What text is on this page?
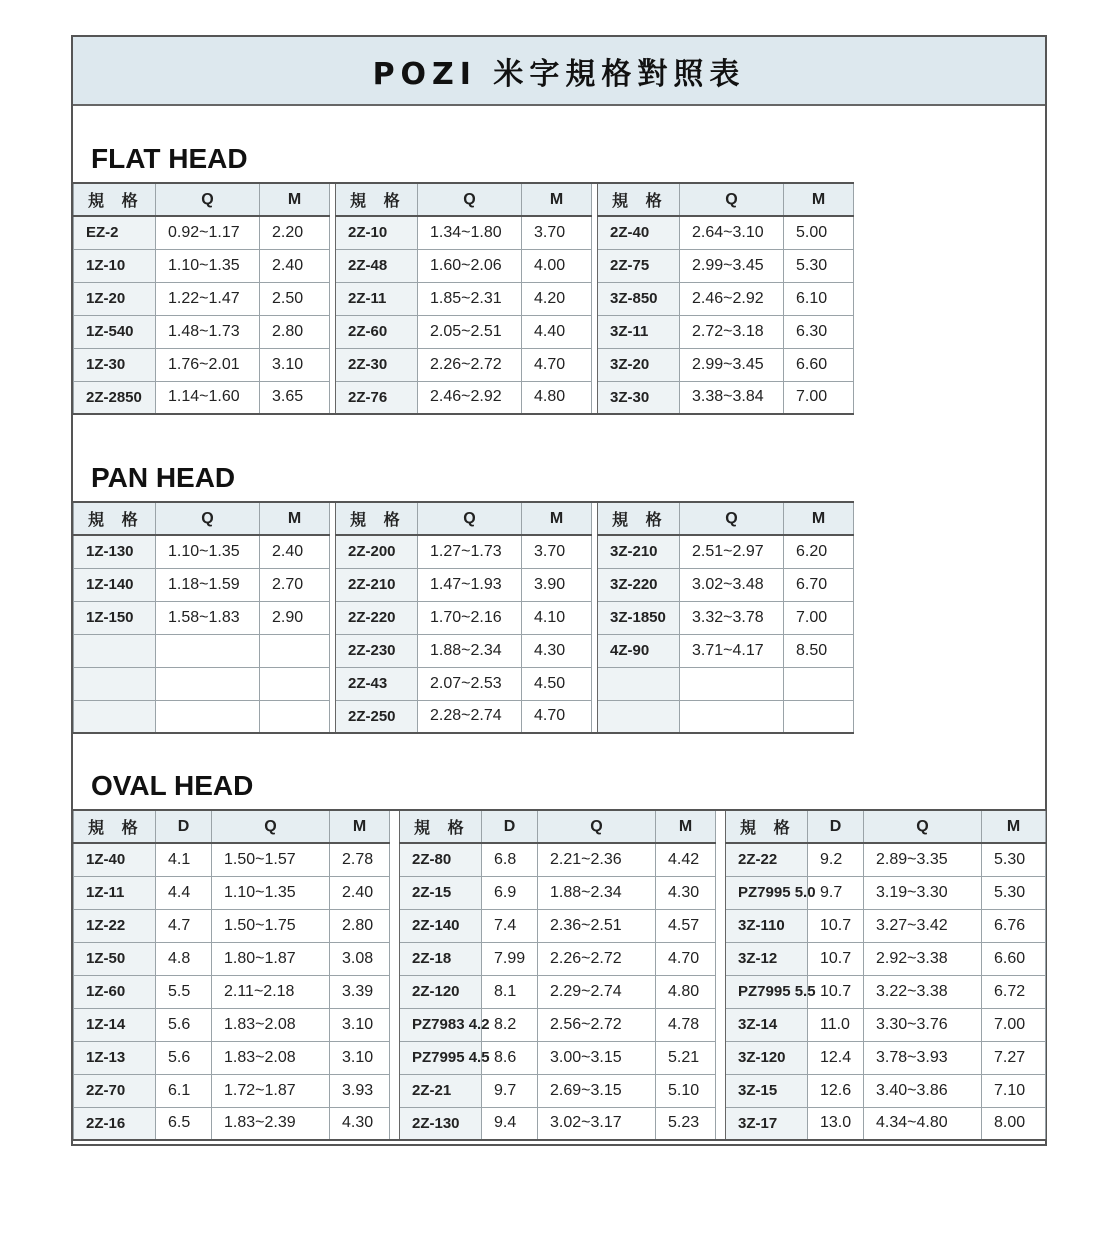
POZI 米字規格對照表
FLAT HEAD
規 格	Q	M		規 格	Q	M		規 格	Q	M
EZ-2	0.92~1.17	2.20		2Z-10	1.34~1.80	3.70		2Z-40	2.64~3.10	5.00
1Z-10	1.10~1.35	2.40		2Z-48	1.60~2.06	4.00		2Z-75	2.99~3.45	5.30
1Z-20	1.22~1.47	2.50		2Z-11	1.85~2.31	4.20		3Z-850	2.46~2.92	6.10
1Z-540	1.48~1.73	2.80		2Z-60	2.05~2.51	4.40		3Z-11	2.72~3.18	6.30
1Z-30	1.76~2.01	3.10		2Z-30	2.26~2.72	4.70		3Z-20	2.99~3.45	6.60
2Z-2850	1.14~1.60	3.65		2Z-76	2.46~2.92	4.80		3Z-30	3.38~3.84	7.00
PAN HEAD
規 格	Q	M		規 格	Q	M		規 格	Q	M
1Z-130	1.10~1.35	2.40		2Z-200	1.27~1.73	3.70		3Z-210	2.51~2.97	6.20
1Z-140	1.18~1.59	2.70		2Z-210	1.47~1.93	3.90		3Z-220	3.02~3.48	6.70
1Z-150	1.58~1.83	2.90		2Z-220	1.70~2.16	4.10		3Z-1850	3.32~3.78	7.00
				2Z-230	1.88~2.34	4.30		4Z-90	3.71~4.17	8.50
				2Z-43	2.07~2.53	4.50				
				2Z-250	2.28~2.74	4.70				
OVAL HEAD
規 格	D	Q	M		規 格	D	Q	M		規 格	D	Q	M
1Z-40	4.1	1.50~1.57	2.78		2Z-80	6.8	2.21~2.36	4.42		2Z-22	9.2	2.89~3.35	5.30
1Z-11	4.4	1.10~1.35	2.40		2Z-15	6.9	1.88~2.34	4.30		PZ7995 5.0	9.7	3.19~3.30	5.30
1Z-22	4.7	1.50~1.75	2.80		2Z-140	7.4	2.36~2.51	4.57		3Z-110	10.7	3.27~3.42	6.76
1Z-50	4.8	1.80~1.87	3.08		2Z-18	7.99	2.26~2.72	4.70		3Z-12	10.7	2.92~3.38	6.60
1Z-60	5.5	2.11~2.18	3.39		2Z-120	8.1	2.29~2.74	4.80		PZ7995 5.5	10.7	3.22~3.38	6.72
1Z-14	5.6	1.83~2.08	3.10		PZ7983 4.2	8.2	2.56~2.72	4.78		3Z-14	11.0	3.30~3.76	7.00
1Z-13	5.6	1.83~2.08	3.10		PZ7995 4.5	8.6	3.00~3.15	5.21		3Z-120	12.4	3.78~3.93	7.27
2Z-70	6.1	1.72~1.87	3.93		2Z-21	9.7	2.69~3.15	5.10		3Z-15	12.6	3.40~3.86	7.10
2Z-16	6.5	1.83~2.39	4.30		2Z-130	9.4	3.02~3.17	5.23		3Z-17	13.0	4.34~4.80	8.00
